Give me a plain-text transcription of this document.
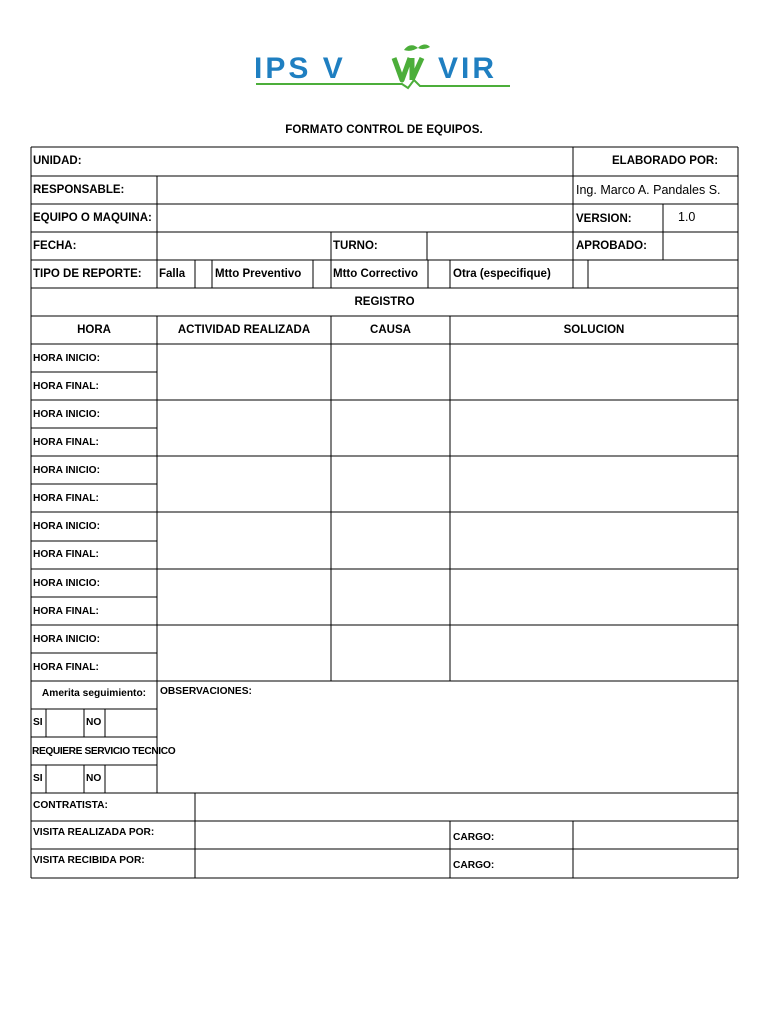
IPS V	VIR
FORMATO CONTROL DE EQUIPOS.
UNIDAD:	ELABORADO POR:
RESPONSABLE:	Ing. Marco A. Pandales S.
EQUIPO O MAQUINA:	VERSION:	1.0
FECHA:	TURNO:	APROBADO:
TIPO DE REPORTE:	Falla	Mtto Preventivo	Mtto Correctivo	Otra (especifique)
REGISTRO
HORA	ACTIVIDAD REALIZADA	CAUSA	SOLUCION
HORA INICIO:
HORA FINAL:
HORA INICIO:
HORA FINAL:
HORA INICIO:
HORA FINAL:
HORA INICIO:
HORA FINAL:
HORA INICIO:
HORA FINAL:
HORA INICIO:
HORA FINAL:
Amerita seguimiento:
SI	NO
REQUIERE SERVICIO TECNICO
SI	NO
OBSERVACIONES:
CONTRATISTA:
VISITA REALIZADA POR:	CARGO:
VISITA RECIBIDA POR:	CARGO:
